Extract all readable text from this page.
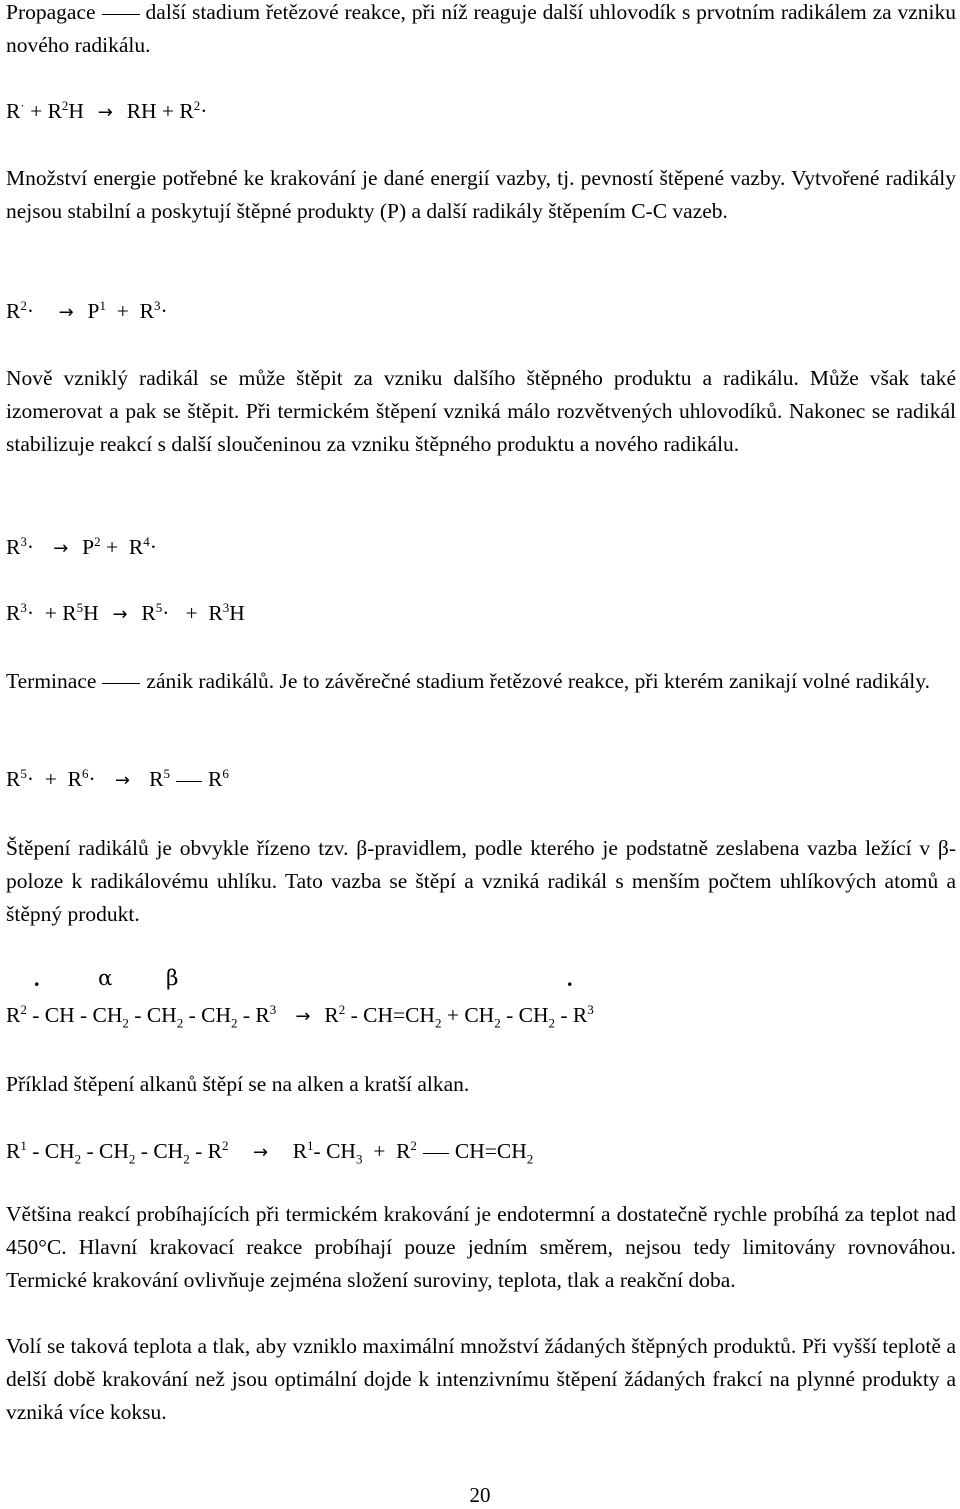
Propagace další stadium řetězové reakce, při níž reaguje další uhlovodík s prvotním radikálem za vzniku nového radikálu.
$R^\cdot + R^2H$ → RH + $R^2\cdot$
Množství energie potřebné ke krakování je dané energií vazby, tj. pevností štěpené vazby. Vytvořené radikály nejsou stabilní a poskytují štěpné produkty (P) a další radikály štěpením C-C vazeb.
$R^2\cdot \to P^1 + R^3\cdot$
Nově vzniklý radikál se může štěpit za vzniku dalšího štěpného produktu a radikálu. Může však také izomerovat a pak se štěpit. Při termickém štěpení vzniká málo rozvětvených uhlovodíků. Nakonec se radikál stabilizuje reakcí s další sloučeninou za vzniku štěpného produktu a nového radikálu.
$R^3\cdot \to P^2 + R^4\cdot$
$R^3\cdot + R^5H \to R^5\cdot + R^3H$
Terminace zánik radikálů. Je to závěrečné stadium řetězové reakce, při kterém zanikají volné radikály.
$R^5\cdot + R^6\cdot \to R^5$ $R^6$
Štěpení radikálů je obvykle řízeno tzv. β-pravidlem, podle kterého je podstatně zeslabena vazba ležící v β-poloze k radikálovému uhlíku. Tato vazba se štěpí a vzniká radikál s menším počtem uhlíkových atomů a štěpný produkt.
.	α β	.
$R^2$ - CH - $CH_2 - CH_2 - CH_2 - R^3 \to R^2 - CH=CH_2 + CH_2 - CH_2 - R^3$
Příklad štěpení alkanů štěpí se na alken a kratší alkan.
$R^1 - CH_2 - CH_2 - CH_2 - R^2 \to R^1-$ $CH_3 + R^2$ $CH=CH_2$
Většina reakcí probíhajících při termickém krakování je endotermní a dostatečně rychle probíhá za teplot nad 450°C. Hlavní krakovací reakce probíhají pouze jedním směrem, nejsou tedy limitovány rovnováhou. Termické krakování ovlivňuje zejména složení suroviny, teplota, tlak a reakční doba.
Volí se taková teplota a tlak, aby vzniklo maximální množství žádaných štěpných produktů. Při vyšší teplotě a delší době krakování než jsou optimální dojde k intenzivnímu štěpení žádaných frakcí na plynné produkty a vzniká více koksu.
20
